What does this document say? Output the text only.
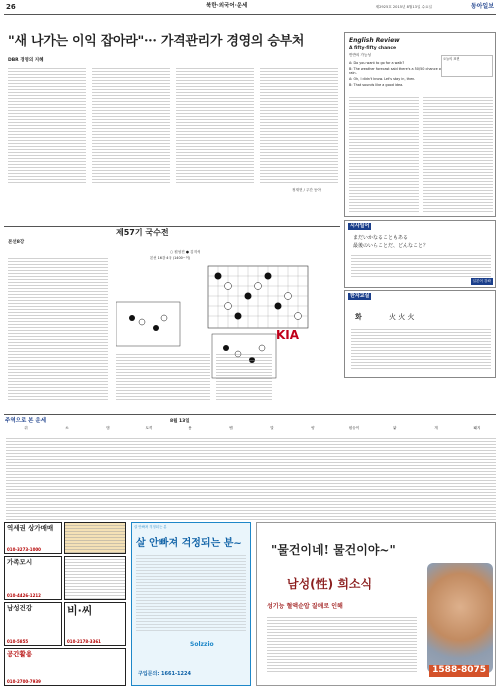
26	북한·외국어·운세	제2925호 2015년 8월13일 수요일	동아일보
"새 나가는 이익 잡아라"··· 가격관리가 경영의 승부처
DBR 경영의 지혜
정재현 / 주간 동아
English Review
A fifty-fifty chance
반반의 가능성
A: Do you want to go for a walk?
B: The weather forecast said there's a 50/50 chance of rain.
A: Oh, I didn't know. Let's stay in, then.
B: That sounds like a good idea.
오늘의 표현
시사일어
まだいかなることもある
最後のいらことだ、どんなこと？
일본어 강좌
한자교실
화	火 火 火
제57기 국수전
본선8강
○ 원성진 ● 김지석
본선 16강 4국 (1400~이)
KIA
주역으로 본 운세	8월 13일
쥐	소	범	토끼	용	뱀	말	양	원숭이	닭	개	돼지
역세권 상가매매
010-3273-1000
가족모시
010-4426-1212
남성건강
010-5855
비·씨
010-2178-3361
공간활용
010-2700-7939
살 안빠져 걱정되는 분
살 안빠져 걱정되는 분~
Solzzio
구입문의: 1661-1224
"물건이네! 물건이야~"
남성(性) 희소식
성기능 혈액순압 질애로 인해
1588-8075
